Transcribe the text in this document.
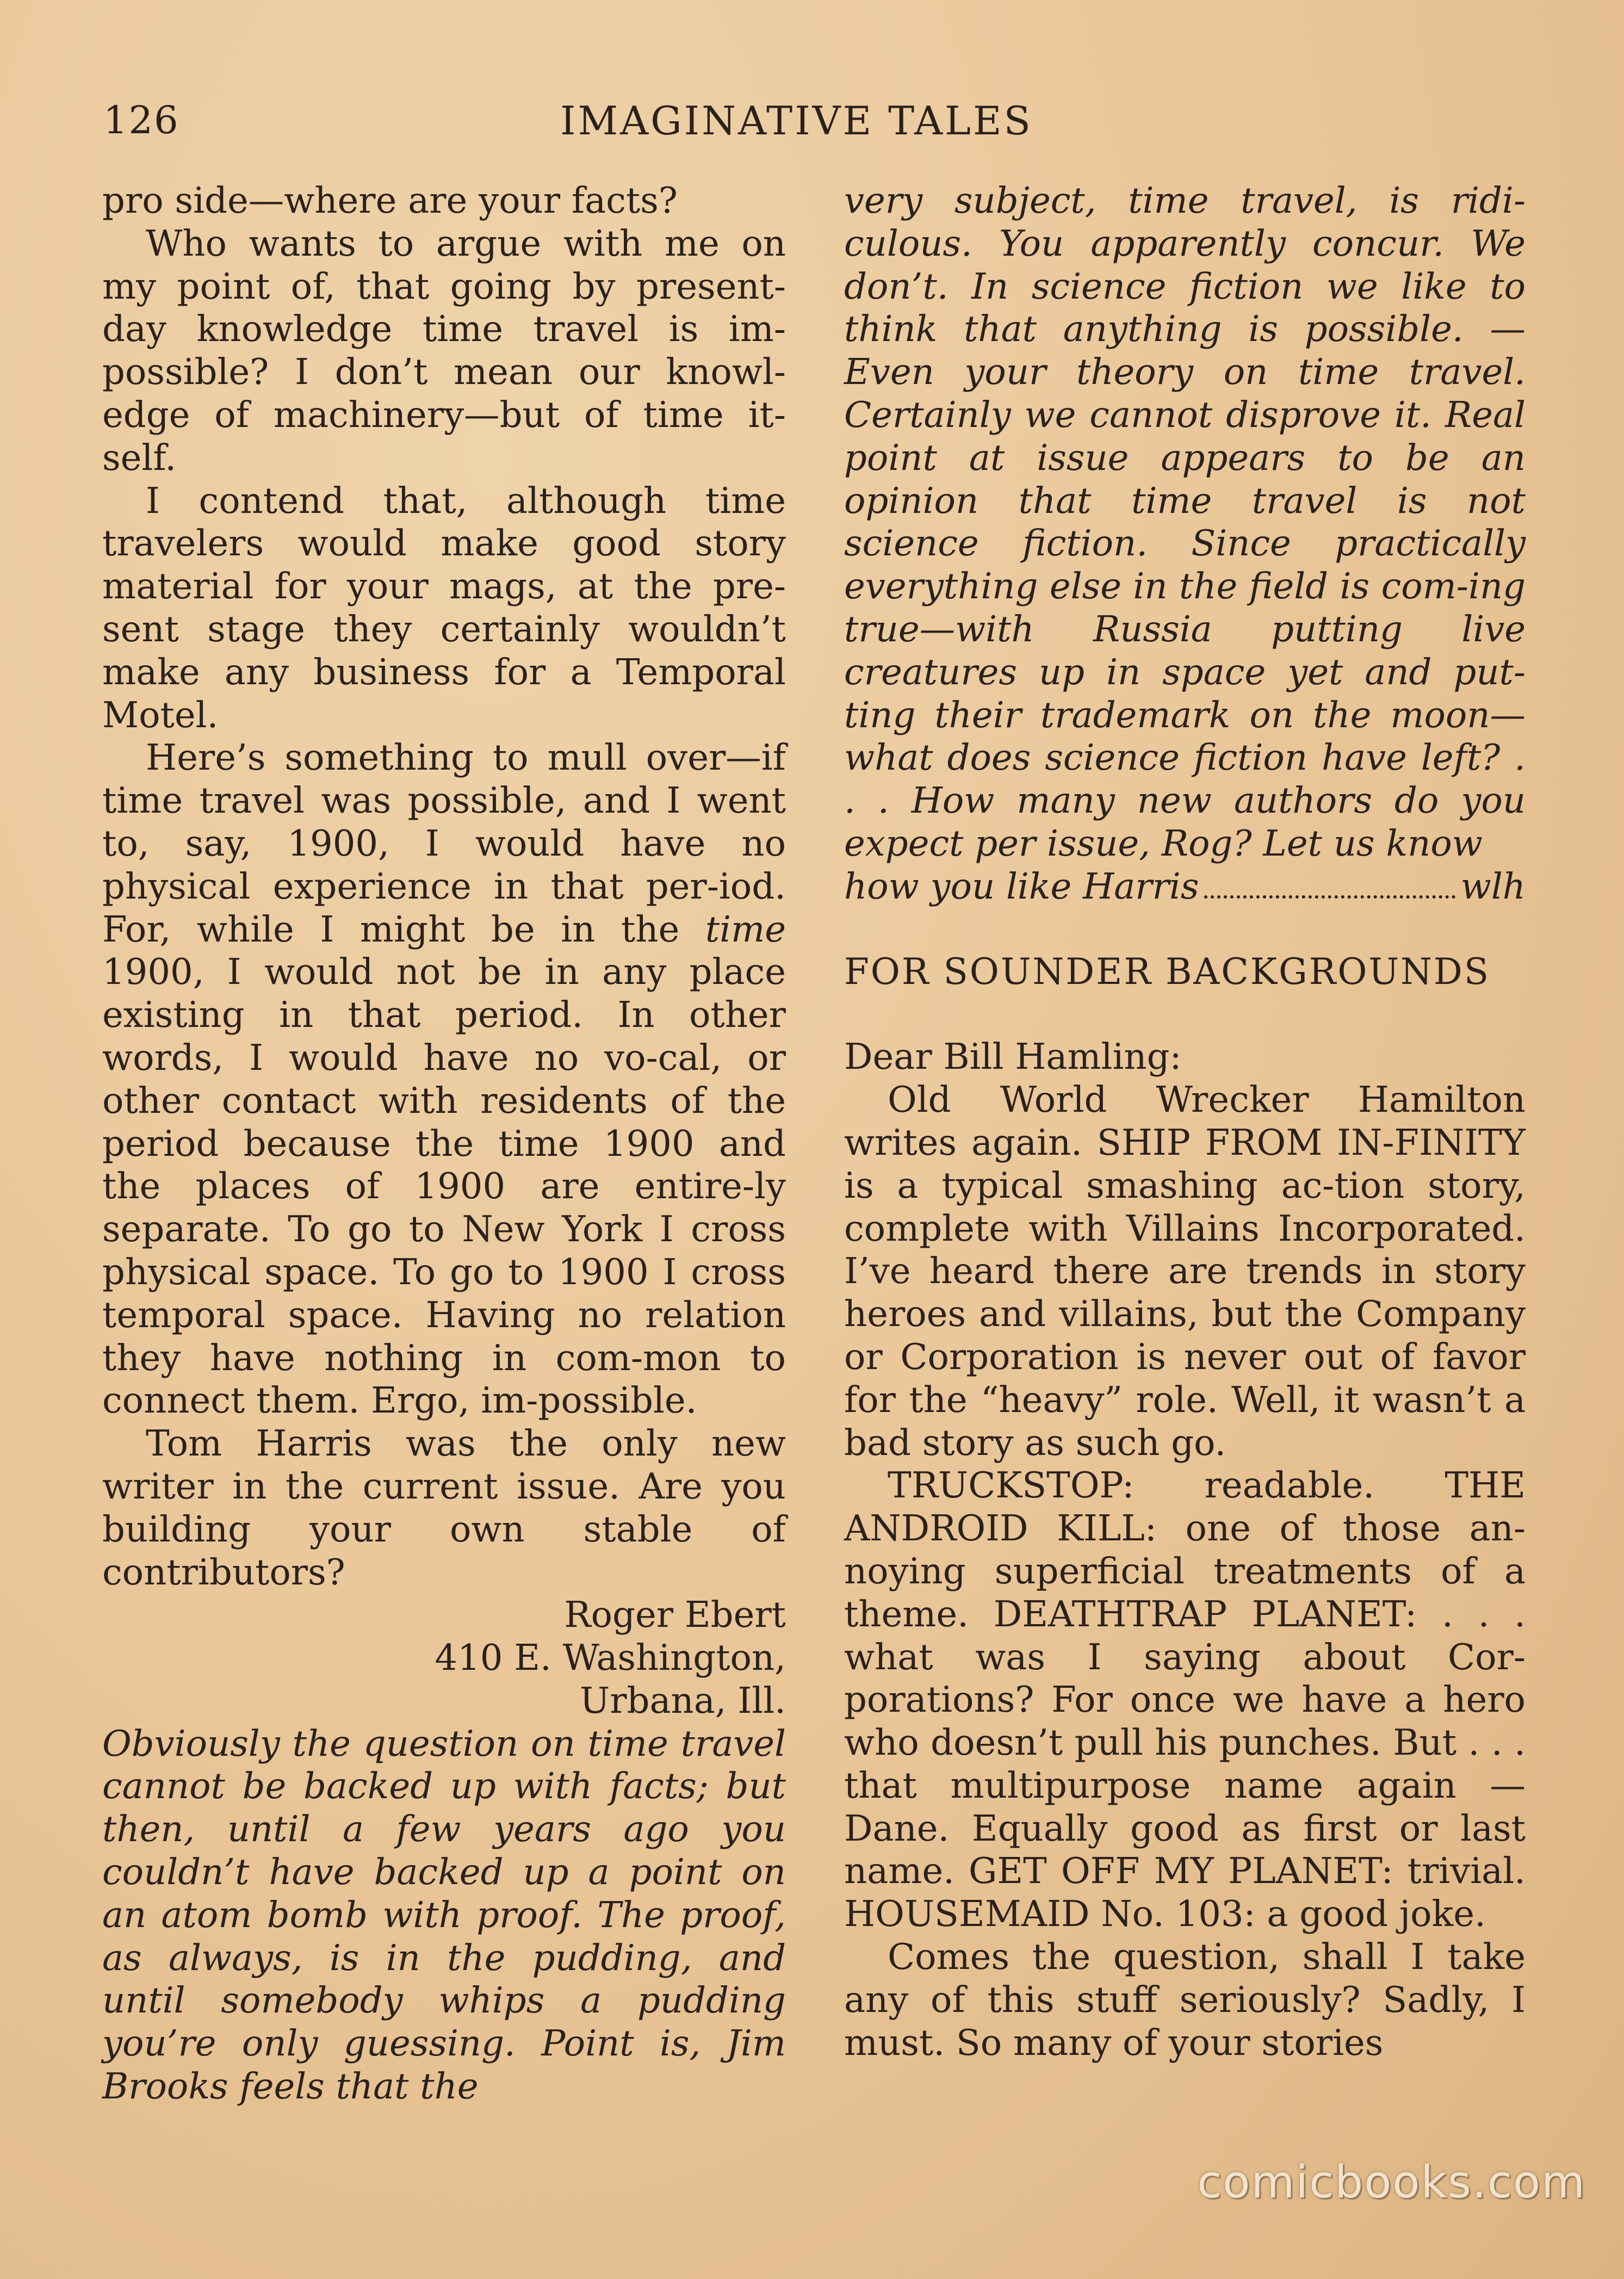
126	IMAGINATIVE TALES

pro side—where are your facts?

Who wants to argue with me on my point of, that going by present-day knowledge time travel is im-possible? I don’t mean our knowl-edge of machinery—but of time it-self.

I contend that, although time travelers would make good story material for your mags, at the pre-sent stage they certainly wouldn’t make any business for a Temporal Motel.

Here’s something to mull over—if time travel was possible, and I went to, say, 1900, I would have no physical experience in that per-iod. For, while I might be in the time 1900, I would not be in any place existing in that period. In other words, I would have no vo-cal, or other contact with residents of the period because the time 1900 and the places of 1900 are entire-ly separate. To go to New York I cross physical space. To go to 1900 I cross temporal space. Having no relation they have nothing in com-mon to connect them. Ergo, im-possible.

Tom Harris was the only new writer in the current issue. Are you building your own stable of contributors?

Roger Ebert
410 E. Washington,
Urbana, Ill.

Obviously the question on time travel cannot be backed up with facts; but then, until a few years ago you couldn’t have backed up a point on an atom bomb with proof. The proof, as always, is in the pudding, and until somebody whips a pudding you’re only guessing. Point is, Jim Brooks feels that the

very subject, time travel, is ridi-culous. You apparently concur. We don’t. In science fiction we like to think that anything is possible. —Even your theory on time travel. Certainly we cannot disprove it. Real point at issue appears to be an opinion that time travel is not science fiction. Since practically everything else in the field is com-ing true—with Russia putting live creatures up in space yet and put-ting their trademark on the moon—what does science fiction have left? . . . How many new authors do you expect per issue, Rog? Let us know

how you like Harris	wlh

FOR SOUNDER BACKGROUNDS

Dear Bill Hamling:

Old World Wrecker Hamilton writes again. SHIP FROM IN-FINITY is a typical smashing ac-tion story, complete with Villains Incorporated. I’ve heard there are trends in story heroes and villains, but the Company or Corporation is never out of favor for the “heavy” role. Well, it wasn’t a bad story as such go.

TRUCKSTOP: readable. THE ANDROID KILL: one of those an-noying superficial treatments of a theme. DEATHTRAP PLANET: . . . what was I saying about Cor-porations? For once we have a hero who doesn’t pull his punches. But . . . that multipurpose name again —Dane. Equally good as first or last name. GET OFF MY PLANET: trivial. HOUSEMAID No. 103: a good joke.

Comes the question, shall I take any of this stuff seriously? Sadly, I must. So many of your stories

comicbooks.com
